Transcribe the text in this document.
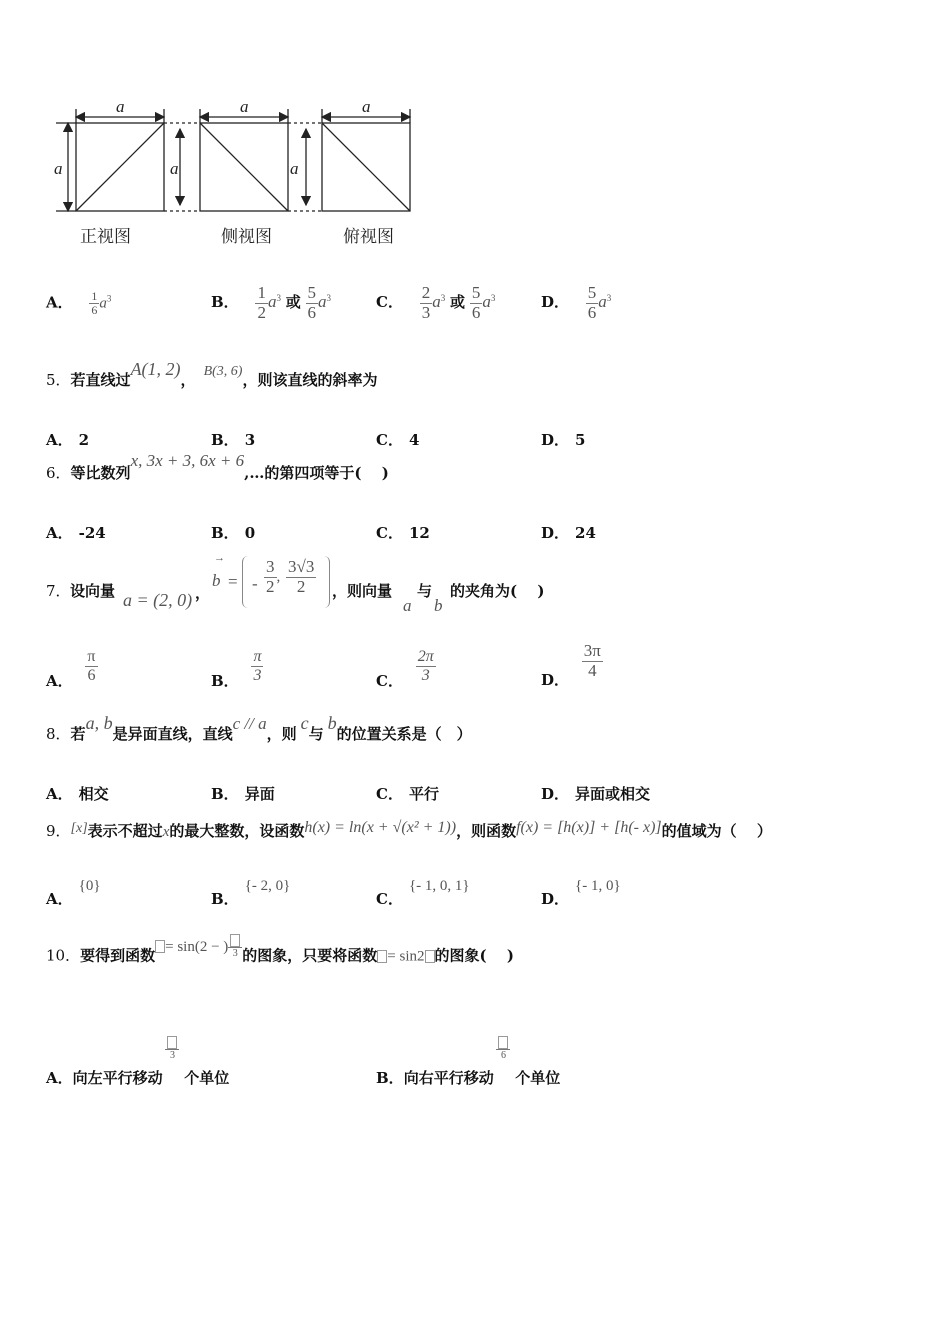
a	a	a
a	a	a
正视图	侧视图	俯视图
A． $\frac{1}{6} a^3$	B． $\frac{1}{2} a^3$ 或 $\frac{5}{6} a^3$	C． $\frac{2}{3} a^3$ 或 $\frac{5}{6} a^3$	D． $\frac{5}{6} a^3$
5．若直线过A(1, 2)， B(3, 6)，则该直线的斜率为
A． 2	B． 3	C． 4	D． 5
6．等比数列x, 3x + 3, 6x + 6,…的第四项等于(　 )
A． -24	B． 0	C． 12	D． 24
7． 设向量 a = (2, 0) ，
→
b = - $\frac{3}{2}$ , $\frac{3√3}{2}$ ，则向量
a
与
b
的夹角为(　 )
A． $\frac{\pi}{6}$	B． $\frac{\pi}{3}$	C． $\frac{2\pi}{3}$	D． $\frac{3\pi}{4}$
8．若a, b是异面直线，直线c // a，则c与b的位置关系是（　）
A． 相交	B． 异面	C． 平行	D． 异面或相交
9．[x]表示不超过x的最大整数，设函数h(x) = ln(x + √(x² + 1))，则函数f(x) = [h(x)] + [h(- x)]的值域为（　 ）
A．{0}
B．{- 2, 0}
C．{- 1, 0, 1}
D．{- 1, 0}
10．要得到函数 = sin(2 − ) 3 的图象，只要将函数 = sin2 的图象(　 )
A．向左平行移动
3
个单位	B．向右平行移动
6
个单位
